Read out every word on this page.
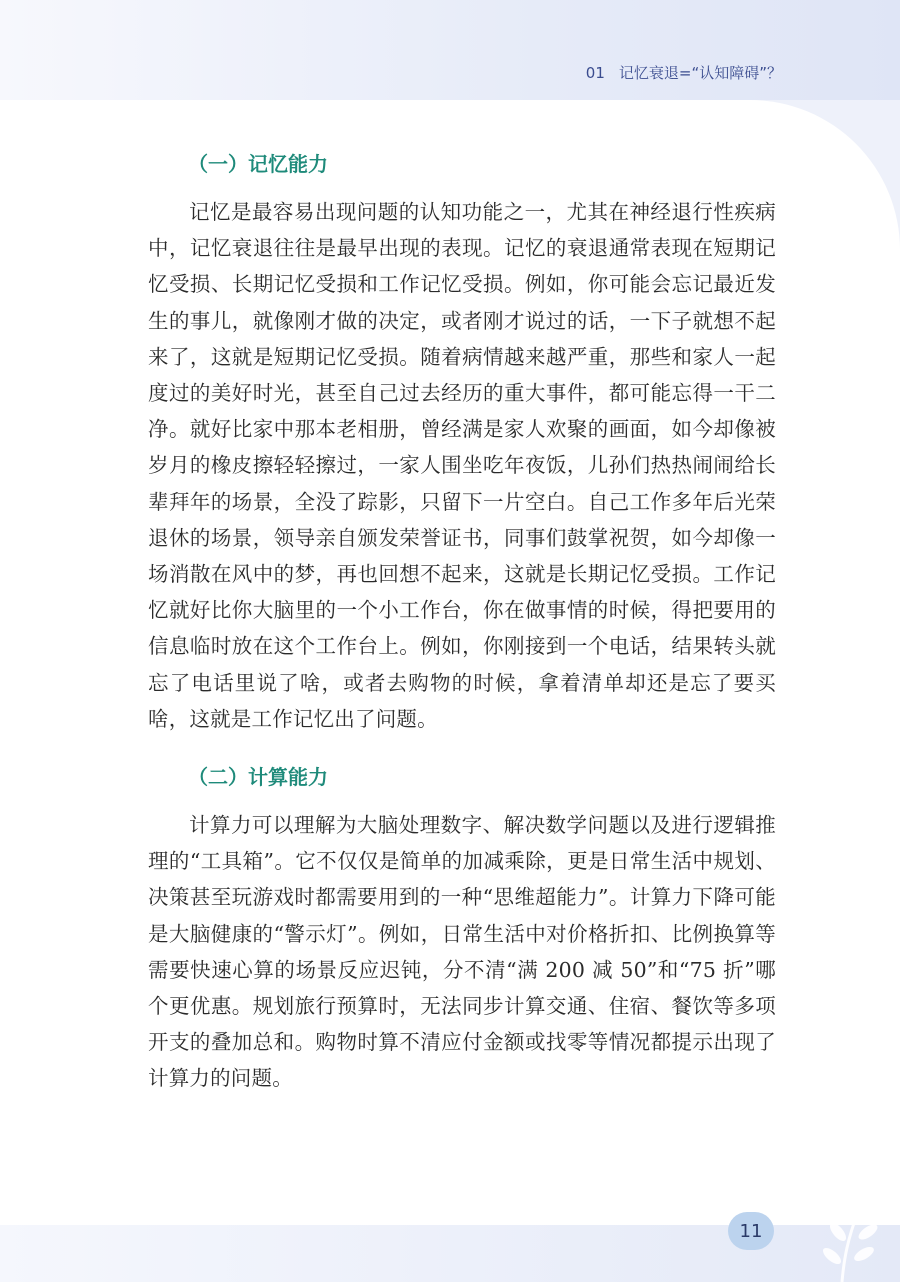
01 记忆衰退=“认知障碍”？
（一）记忆能力

记忆是最容易出现问题的认知功能之一，尤其在神经退行性疾病中，记忆衰退往往是最早出现的表现。记忆的衰退通常表现在短期记忆受损、长期记忆受损和工作记忆受损。例如，你可能会忘记最近发生的事儿，就像刚才做的决定，或者刚才说过的话，一下子就想不起来了，这就是短期记忆受损。随着病情越来越严重，那些和家人一起度过的美好时光，甚至自己过去经历的重大事件，都可能忘得一干二净。就好比家中那本老相册，曾经满是家人欢聚的画面，如今却像被岁月的橡皮擦轻轻擦过，一家人围坐吃年夜饭，儿孙们热热闹闹给长辈拜年的场景，全没了踪影，只留下一片空白。自己工作多年后光荣退休的场景，领导亲自颁发荣誉证书，同事们鼓掌祝贺，如今却像一场消散在风中的梦，再也回想不起来，这就是长期记忆受损。工作记忆就好比你大脑里的一个小工作台，你在做事情的时候，得把要用的信息临时放在这个工作台上。例如，你刚接到一个电话，结果转头就忘了电话里说了啥，或者去购物的时候，拿着清单却还是忘了要买啥，这就是工作记忆出了问题。

（二）计算能力

计算力可以理解为大脑处理数字、解决数学问题以及进行逻辑推理的“工具箱”。它不仅仅是简单的加减乘除，更是日常生活中规划、决策甚至玩游戏时都需要用到的一种“思维超能力”。计算力下降可能是大脑健康的“警示灯”。例如，日常生活中对价格折扣、比例换算等需要快速心算的场景反应迟钝，分不清“满 200 减 50”和“75 折”哪个更优惠。规划旅行预算时，无法同步计算交通、住宿、餐饮等多项开支的叠加总和。购物时算不清应付金额或找零等情况都提示出现了计算力的问题。

11
